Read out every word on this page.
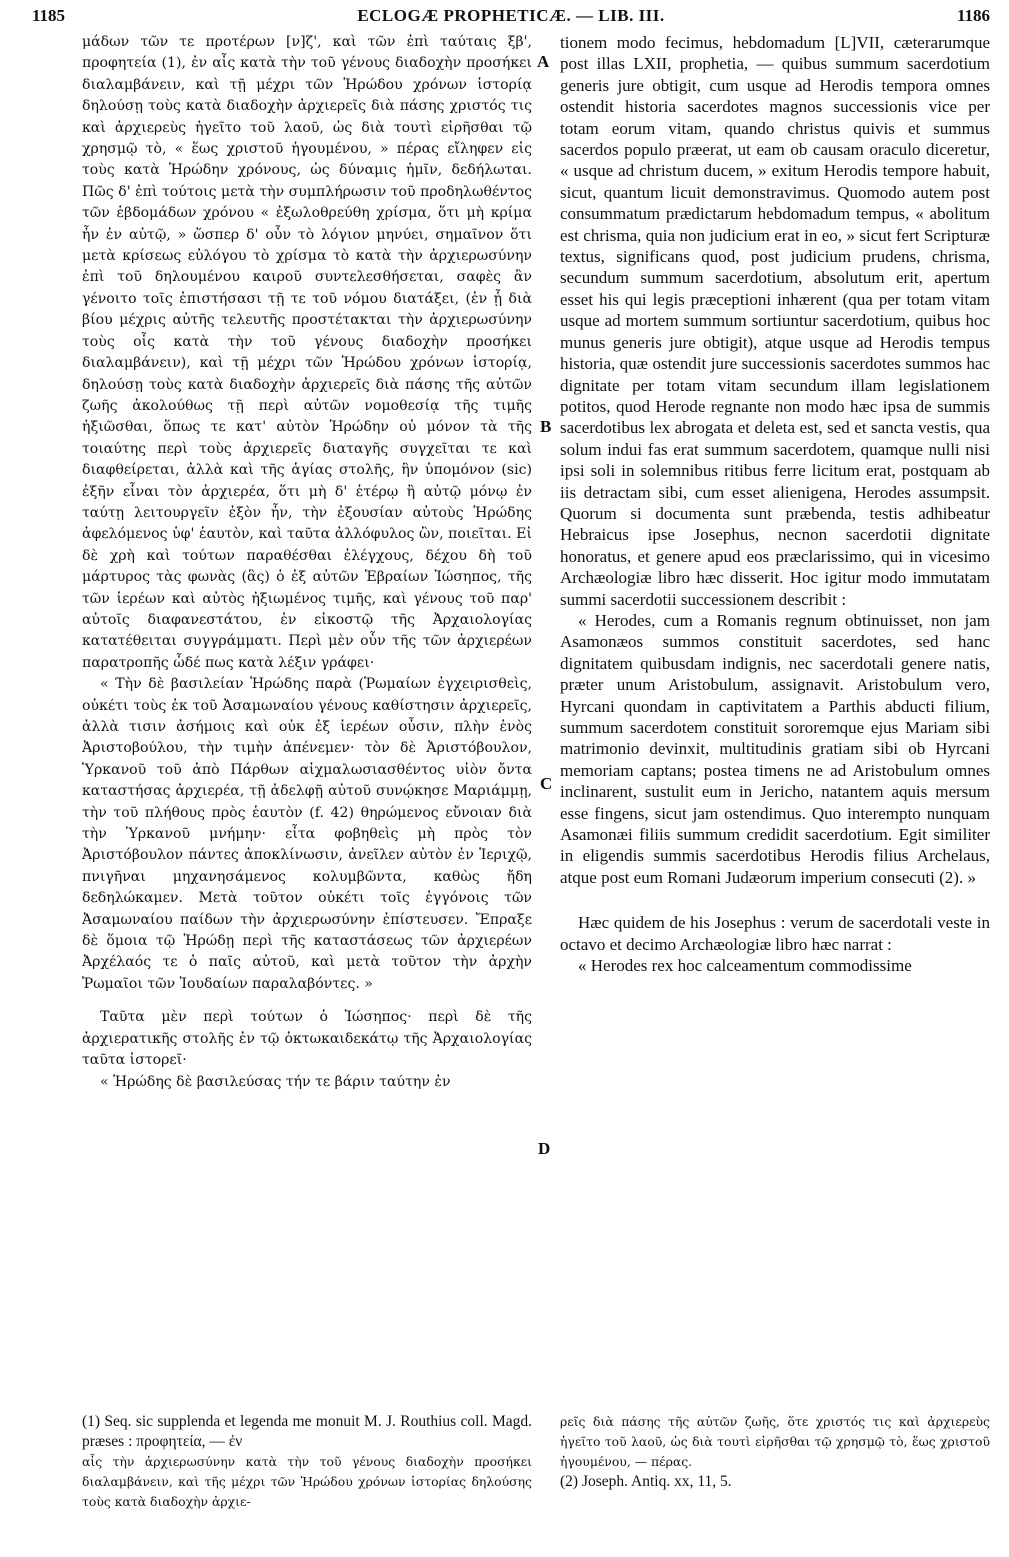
1185	ECLOGÆ PROPHETICÆ. — LIB. III.	1186

μάδων τῶν τε προτέρων [ν]ζ', καὶ τῶν ἐπὶ ταύταις ξβ', προφητεία (1), ἐν αἷς κατὰ τὴν τοῦ γένους διαδοχὴν προσήκει διαλαμβάνειν, καὶ τῇ μέχρι τῶν Ἡρώδου χρόνων ἱστορίᾳ δηλούσῃ τοὺς κατὰ διαδοχὴν ἀρχιερεῖς διὰ πάσης χριστός τις καὶ ἀρχιερεὺς ἡγεῖτο τοῦ λαοῦ, ὡς διὰ τουτὶ εἰρῆσθαι τῷ χρησμῷ τὸ, « ἕως χριστοῦ ἡγουμένου, » πέρας εἴληφεν εἰς τοὺς κατὰ Ἡρώδην χρόνους, ὡς δύναμις ἡμῖν, δεδήλωται. Πῶς δ' ἐπὶ τούτοις μετὰ τὴν συμπλήρωσιν τοῦ προδηλωθέντος τῶν ἑβδομάδων χρόνου « ἐξωλοθρεύθη χρίσμα, ὅτι μὴ κρίμα ἦν ἐν αὐτῷ, » ὥσπερ δ' οὖν τὸ λόγιον μηνύει, σημαῖνον ὅτι μετὰ κρίσεως εὐλόγου τὸ χρίσμα τὸ κατὰ τὴν ἀρχιερωσύνην ἐπὶ τοῦ δηλουμένου καιροῦ συντελεσθήσεται, σαφὲς ἂν γένοιτο τοῖς ἐπιστήσασι τῇ τε τοῦ νόμου διατάξει, (ἐν ᾗ διὰ βίου μέχρις αὐτῆς τελευτῆς προστέτακται τὴν ἀρχιερωσύνην τοὺς οἷς κατὰ τὴν τοῦ γένους διαδοχὴν προσήκει διαλαμβάνειν), καὶ τῇ μέχρι τῶν Ἡρώδου χρόνων ἱστορίᾳ, δηλούσῃ τοὺς κατὰ διαδοχὴν ἀρχιερεῖς διὰ πάσης τῆς αὐτῶν ζωῆς ἀκολούθως τῇ περὶ αὐτῶν νομοθεσίᾳ τῆς τιμῆς ἠξιῶσθαι, ὅπως τε κατ' αὐτὸν Ἡρώδην οὐ μόνον τὰ τῆς τοιαύτης περὶ τοὺς ἀρχιερεῖς διαταγῆς συγχεῖται τε καὶ διαφθείρεται, ἀλλὰ καὶ τῆς ἁγίας στολῆς, ἣν ὑπομόνον (sic) ἐξῆν εἶναι τὸν ἀρχιερέα, ὅτι μὴ δ' ἑτέρῳ ἢ αὐτῷ μόνῳ ἐν ταύτῃ λειτουργεῖν ἐξὸν ἦν, τὴν ἐξουσίαν αὐτοὺς Ἡρώδης ἀφελόμενος ὑφ' ἑαυτὸν, καὶ ταῦτα ἀλλόφυλος ὢν, ποιεῖται. Εἰ δὲ χρὴ καὶ τούτων παραθέσθαι ἐλέγχους, δέχου δὴ τοῦ μάρτυρος τὰς φωνὰς (ἃς) ὁ ἐξ αὐτῶν Ἑβραίων Ἰώσηπος, τῆς τῶν ἱερέων καὶ αὐτὸς ἠξιωμένος τιμῆς, καὶ γένους τοῦ παρ' αὐτοῖς διαφανεστάτου, ἐν εἰκοστῷ τῆς Ἀρχαιολογίας κατατέθειται συγγράμματι. Περὶ μὲν οὖν τῆς τῶν ἀρχιερέων παρατροπῆς ὧδέ πως κατὰ λέξιν γράφει·

« Τὴν δὲ βασιλείαν Ἡρώδης παρὰ (Ῥωμαίων ἐγχειρισθεὶς, οὐκέτι τοὺς ἐκ τοῦ Ἀσαμωναίου γένους καθίστησιν ἀρχιερεῖς, ἀλλὰ τισιν ἀσήμοις καὶ οὐκ ἐξ ἱερέων οὖσιν, πλὴν ἑνὸς Ἀριστοβούλου, τὴν τιμὴν ἀπένεμεν· τὸν δὲ Ἀριστόβουλον, Ὑρκανοῦ τοῦ ἀπὸ Πάρθων αἰχμαλωσιασθέντος υἱὸν ὄντα καταστήσας ἀρχιερέα, τῇ ἀδελφῇ αὐτοῦ συνῴκησε Μαριάμμῃ, τὴν τοῦ πλήθους πρὸς ἑαυτὸν (f. 42) θηρώμενος εὔνοιαν διὰ τὴν Ὑρκανοῦ μνήμην· εἶτα φοβηθεὶς μὴ πρὸς τὸν Ἀριστόβουλον πάντες ἀποκλίνωσιν, ἀνεῖλεν αὐτὸν ἐν Ἱεριχῷ, πνιγῆναι μηχανησάμενος κολυμβῶντα, καθὼς ἤδη δεδηλώκαμεν. Μετὰ τοῦτον οὐκέτι τοῖς ἐγγόνοις τῶν Ἀσαμωναίου παίδων τὴν ἀρχιερωσύνην ἐπίστευσεν. Ἔπραξε δὲ ὅμοια τῷ Ἡρώδῃ περὶ τῆς καταστάσεως τῶν ἀρχιερέων Ἀρχέλαός τε ὁ παῖς αὐτοῦ, καὶ μετὰ τοῦτον τὴν ἀρχὴν Ῥωμαῖοι τῶν Ἰουδαίων παραλαβόντες. »

Ταῦτα μὲν περὶ τούτων ὁ Ἰώσηπος· περὶ δὲ τῆς ἀρχιερατικῆς στολῆς ἐν τῷ ὀκτωκαιδεκάτῳ τῆς Ἀρχαιολογίας ταῦτα ἱστορεῖ·

« Ἡρώδης δὲ βασιλεύσας τήν τε βάριν ταύτην ἐν

A
B
C
D

tionem modo fecimus, hebdomadum [L]VII, cæterarumque post illas LXII, prophetia, — quibus summum sacerdotium generis jure obtigit, cum usque ad Herodis tempora omnes ostendit historia sacerdotes magnos successionis vice per totam eorum vitam, quando christus quivis et summus sacerdos populo præerat, ut eam ob causam oraculo diceretur, « usque ad christum ducem, » exitum Herodis tempore habuit, sicut, quantum licuit demonstravimus. Quomodo autem post consummatum prædictarum hebdomadum tempus, « abolitum est chrisma, quia non judicium erat in eo, » sicut fert Scripturæ textus, significans quod, post judicium prudens, chrisma, secundum summum sacerdotium, absolutum erit, apertum esset his qui legis præceptioni inhærent (qua per totam vitam usque ad mortem summum sortiuntur sacerdotium, quibus hoc munus generis jure obtigit), atque usque ad Herodis tempus historia, quæ ostendit jure successionis sacerdotes summos hac dignitate per totam vitam secundum illam legislationem potitos, quod Herode regnante non modo hæc ipsa de summis sacerdotibus lex abrogata et deleta est, sed et sancta vestis, qua solum indui fas erat summum sacerdotem, quamque nulli nisi ipsi soli in solemnibus ritibus ferre licitum erat, postquam ab iis detractam sibi, cum esset alienigena, Herodes assumpsit. Quorum si documenta sunt præbenda, testis adhibeatur Hebraicus ipse Josephus, necnon sacerdotii dignitate honoratus, et genere apud eos præclarissimo, qui in vicesimo Archæologiæ libro hæc disserit. Hoc igitur modo immutatam summi sacerdotii successionem describit :

« Herodes, cum a Romanis regnum obtinuisset, non jam Asamonæos summos constituit sacerdotes, sed hanc dignitatem quibusdam indignis, nec sacerdotali genere natis, præter unum Aristobulum, assignavit. Aristobulum vero, Hyrcani quondam in captivitatem a Parthis abducti filium, summum sacerdotem constituit sororemque ejus Mariam sibi matrimonio devinxit, multitudinis gratiam sibi ob Hyrcani memoriam captans; postea timens ne ad Aristobulum omnes inclinarent, sustulit eum in Jericho, natantem aquis mersum esse fingens, sicut jam ostendimus. Quo interempto nunquam Asamonæi filiis summum credidit sacerdotium. Egit similiter in eligendis summis sacerdotibus Herodis filius Archelaus, atque post eum Romani Judæorum imperium consecuti (2). »

Hæc quidem de his Josephus : verum de sacerdotali veste in octavo et decimo Archæologiæ libro hæc narrat :

« Herodes rex hoc calceamentum commodissime

(1) Seq. sic supplenda et legenda me monuit M. J. Routhius coll. Magd. præses : προφητεία, — ἐν

αἷς τὴν ἀρχιερωσύνην κατὰ τὴν τοῦ γένους διαδοχὴν προσήκει διαλαμβάνειν, καὶ τῆς μέχρι τῶν Ἡρώδου χρόνων ἱστορίας δηλούσης τοὺς κατὰ διαδοχὴν ἀρχιε-

ρεῖς διὰ πάσης τῆς αὐτῶν ζωῆς, ὅτε χριστός τις καὶ ἀρχιερεὺς ἡγεῖτο τοῦ λαοῦ, ὡς διὰ τουτὶ εἰρῆσθαι τῷ χρησμῷ τὸ, ἕως χριστοῦ ἡγουμένου, — πέρας.

(2) Joseph. Antiq. xx, 11, 5.
